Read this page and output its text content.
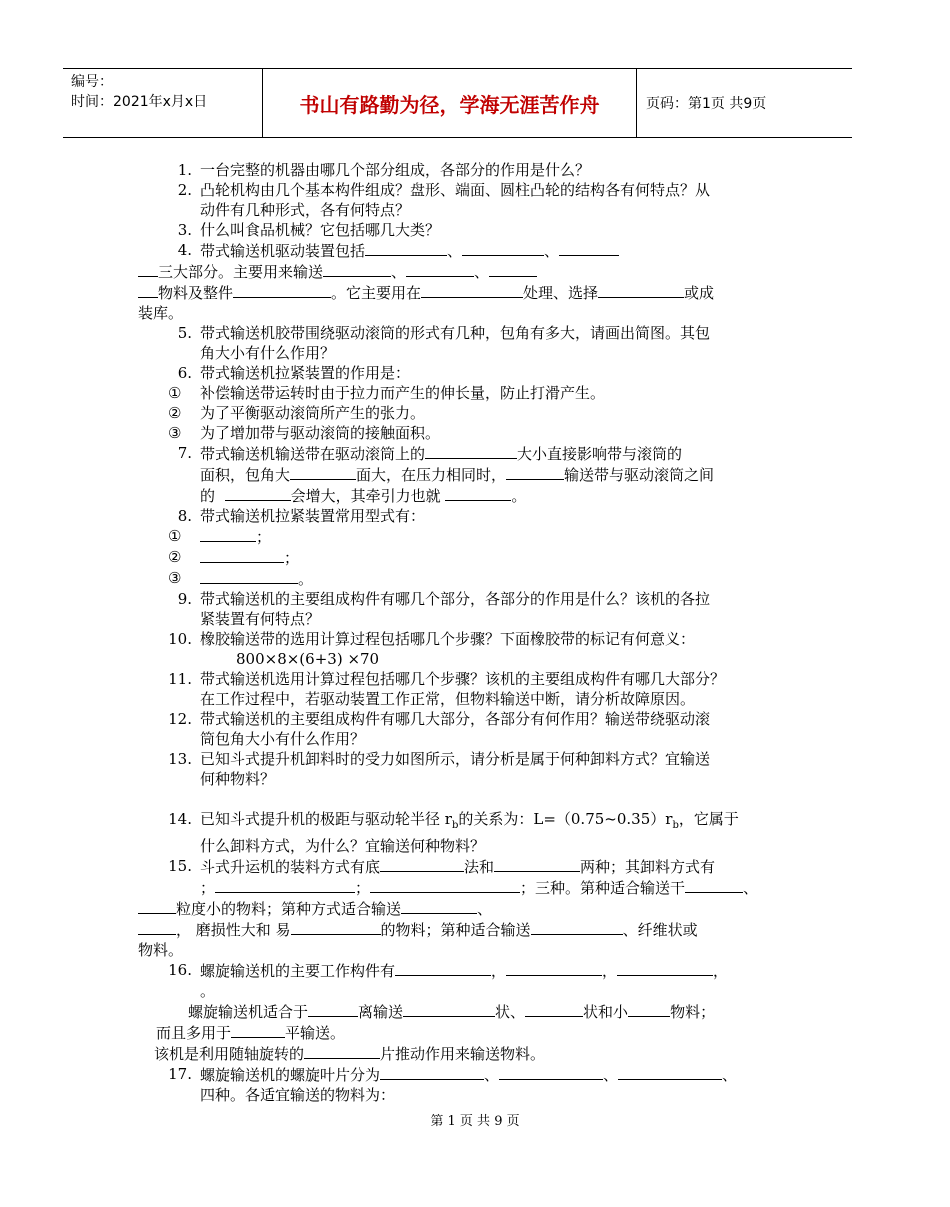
编号：
时间：2021年x月x日	书山有路勤为径，学海无涯苦作舟	页码：第1页 共9页
1. 一台完整的机器由哪几个部分组成，各部分的作用是什么？
2. 凸轮机构由几个基本构件组成？盘形、端面、圆柱凸轮的结构各有何特点？从
动件有几种形式，各有何特点？
3. 什么叫食品机械？它包括哪几大类？
4. 带式输送机驱动装置包括	、	、
三大部分。主要用来输送	、	、
物料及整件	。它主要用在	处理、选择	或成
装库。
5. 带式输送机胶带围绕驱动滚筒的形式有几种，包角有多大，请画出简图。其包
角大小有什么作用？
6. 带式输送机拉紧装置的作用是：
① 补偿输送带运转时由于拉力而产生的伸长量，防止打滑产生。
② 为了平衡驱动滚筒所产生的张力。
③ 为了增加带与驱动滚筒的接触面积。
7. 带式输送机输送带在驱动滚筒上的	大小直接影响带与滚筒的
面积，包角大	面大，在压力相同时，	输送带与驱动滚筒之间
的	会增大，其牵引力也就	。
8. 带式输送机拉紧装置常用型式有：
①	；
②	；
③	。
9. 带式输送机的主要组成构件有哪几个部分，各部分的作用是什么？该机的各拉
紧装置有何特点？
10. 橡胶输送带的选用计算过程包括哪几个步骤？下面橡胶带的标记有何意义：
800×8×(6+3) ×70
11. 带式输送机选用计算过程包括哪几个步骤？该机的主要组成构件有哪几大部分？
在工作过程中，若驱动装置工作正常，但物料输送中断，请分析故障原因。
12. 带式输送机的主要组成构件有哪几大部分，各部分有何作用？输送带绕驱动滚
筒包角大小有什么作用？
13. 已知斗式提升机卸料时的受力如图所示，请分析是属于何种卸料方式？宜输送
何种物料？
14. 已知斗式提升机的极距与驱动轮半径 $r_b$的关系为：$L=(0.75\sim 0.35)r_b$，它属于
什么卸料方式，为什么？宜输送何种物料？
15. 斗式升运机的装料方式有底	法和	两种；其卸料方式有
；	；	；三种。第种适合输送干	、
粒度小的物料；第种方式适合输送	、
， 磨损性大和 易	的物料；第种适合输送	、纤维状或
物料。
16. 螺旋输送机的主要工作构件有	，	，	，
。
螺旋输送机适合于	离输送	状、	状和小	物料；
而且多用于	平输送。
该机是利用随轴旋转的	片推动作用来输送物料。
17. 螺旋输送机的螺旋叶片分为	、	、	、
四种。各适宜输送的物料为：
第 1 页 共 9 页
